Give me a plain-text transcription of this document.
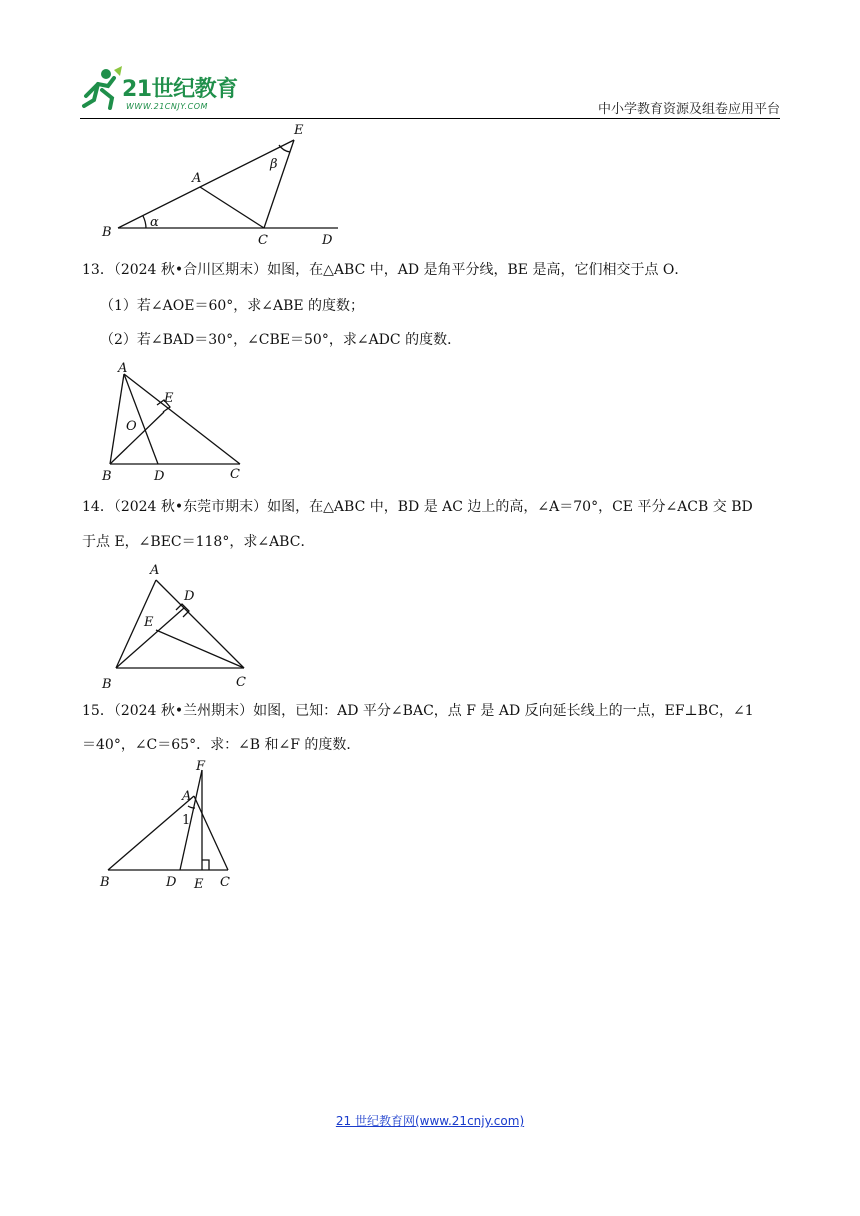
21世纪教育
WWW.21CNJY.COM	中小学教育资源及组卷应用平台
E
A
β
α
B
C	D
13．（2024 秋•合川区期末）如图，在△ABC 中，AD 是角平分线，BE 是高，它们相交于点 O．
（1）若∠AOE＝60°，求∠ABE 的度数；
（2）若∠BAD＝30°，∠CBE＝50°，求∠ADC 的度数．
A
E
O
B	D	C
14．（2024 秋•东莞市期末）如图，在△ABC 中，BD 是 AC 边上的高，∠A＝70°，CE 平分∠ACB 交 BD
于点 E，∠BEC＝118°，求∠ABC．
A
D
E
B	C
15．（2024 秋•兰州期末）如图，已知：AD 平分∠BAC，点 F 是 AD 反向延长线上的一点，EF⊥BC，∠1
＝40°，∠C＝65°．求：∠B 和∠F 的度数．
F
A
1
B	D E C
21 世纪教育网(www.21cnjy.com)
